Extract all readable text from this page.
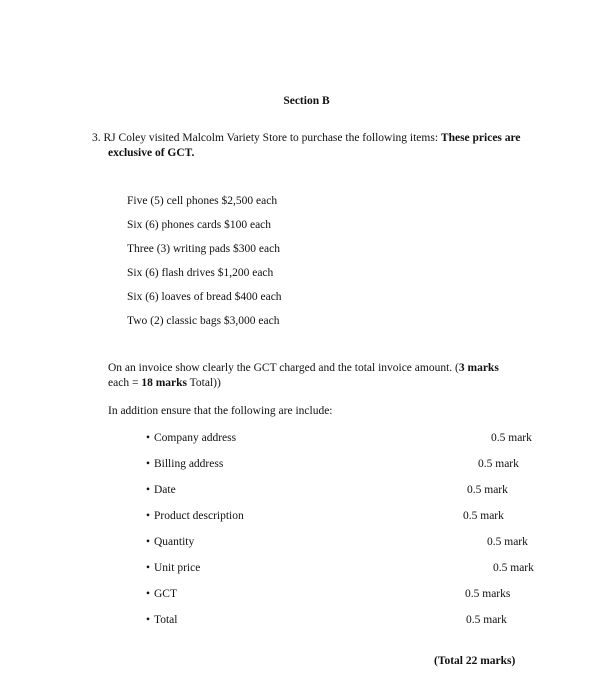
Section B
3. RJ Coley visited Malcolm Variety Store to purchase the following items: These prices are
exclusive of GCT.
Five (5) cell phones $2,500 each
Six (6) phones cards $100 each
Three (3) writing pads $300 each
Six (6) flash drives $1,200 each
Six (6) loaves of bread $400 each
Two (2) classic bags $3,000 each
On an invoice show clearly the GCT charged and the total invoice amount. (3 marks
each = 18 marks Total))
In addition ensure that the following are include:
• Company address	0.5 mark
• Billing address	0.5 mark
• Date	0.5 mark
• Product description	0.5 mark
• Quantity	0.5 mark
• Unit price	0.5 mark
• GCT	0.5 marks
• Total	0.5 mark
(Total 22 marks)
